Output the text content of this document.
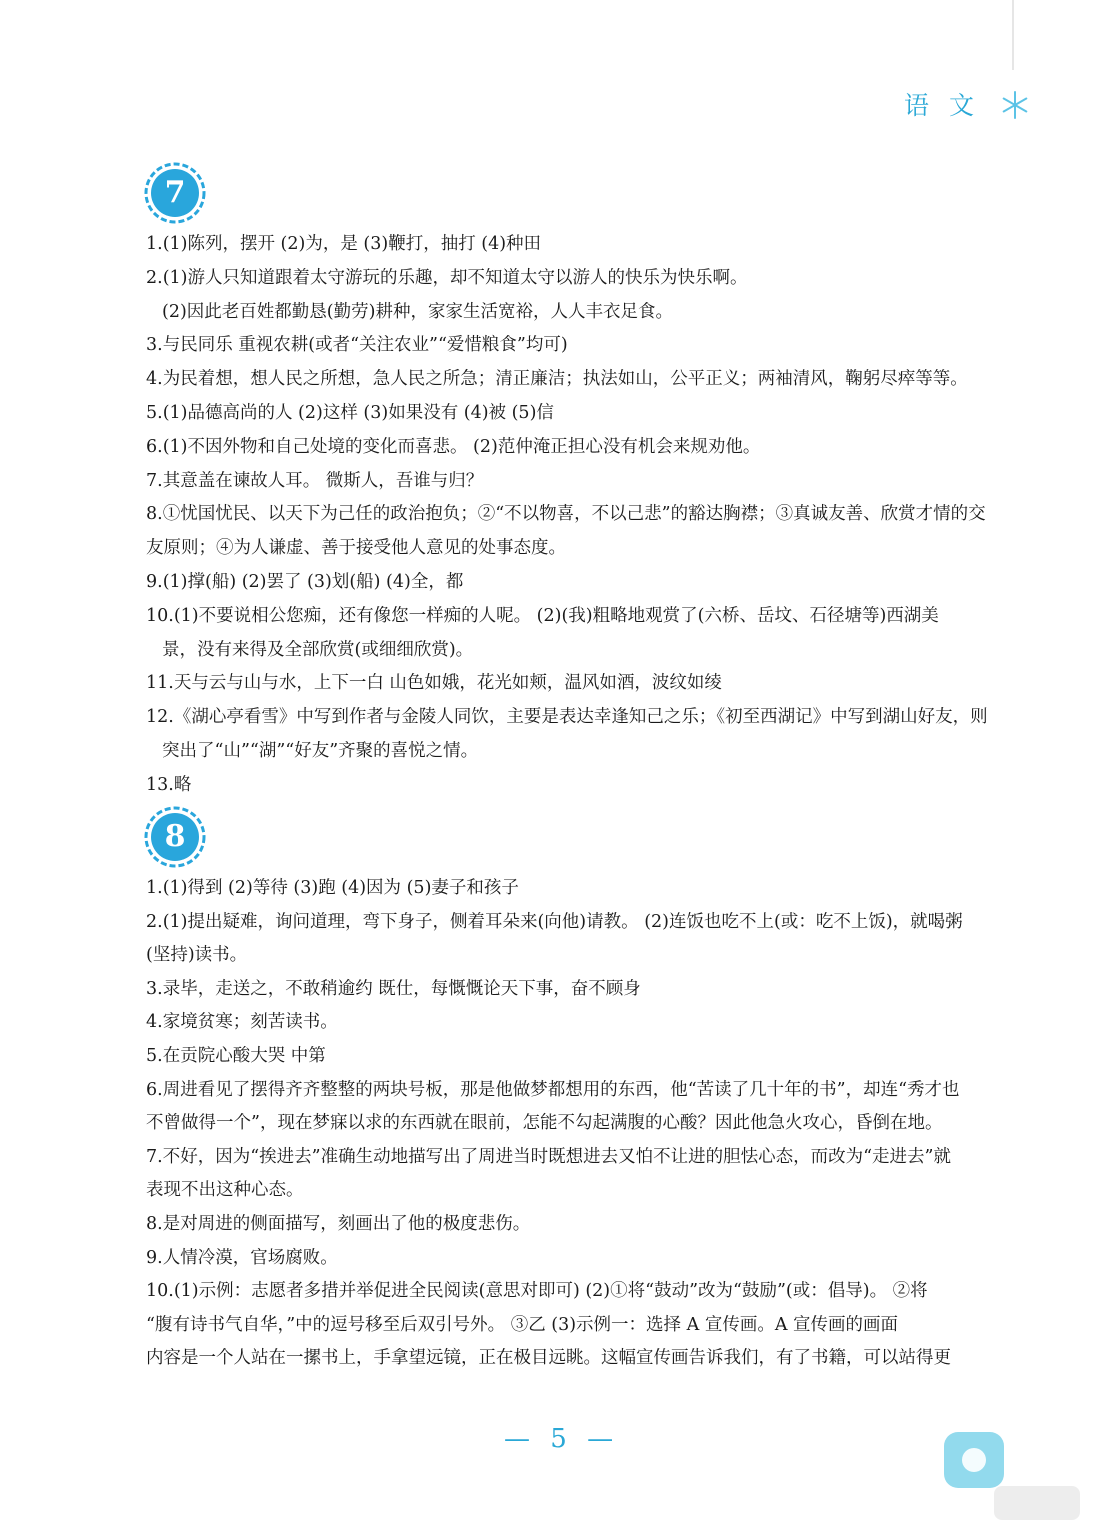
语 文
7
1.(1)陈列，摆开 (2)为，是 (3)鞭打，抽打 (4)种田
2.(1)游人只知道跟着太守游玩的乐趣，却不知道太守以游人的快乐为快乐啊。
(2)因此老百姓都勤恳(勤劳)耕种，家家生活宽裕，人人丰衣足食。
3.与民同乐 重视农耕(或者“关注农业”“爱惜粮食”均可)
4.为民着想，想人民之所想，急人民之所急；清正廉洁；执法如山，公平正义；两袖清风，鞠躬尽瘁等等。
5.(1)品德高尚的人 (2)这样 (3)如果没有 (4)被 (5)信
6.(1)不因外物和自己处境的变化而喜悲。 (2)范仲淹正担心没有机会来规劝他。
7.其意盖在谏故人耳。 微斯人，吾谁与归？
8.①忧国忧民、以天下为己任的政治抱负；②“不以物喜，不以己悲”的豁达胸襟；③真诚友善、欣赏才情的交
友原则；④为人谦虚、善于接受他人意见的处事态度。
9.(1)撑(船) (2)罢了 (3)划(船) (4)全，都
10.(1)不要说相公您痴，还有像您一样痴的人呢。 (2)(我)粗略地观赏了(六桥、岳坟、石径塘等)西湖美
景，没有来得及全部欣赏(或细细欣赏)。
11.天与云与山与水，上下一白 山色如娥，花光如颊，温风如酒，波纹如绫
12.《湖心亭看雪》中写到作者与金陵人同饮，主要是表达幸逢知己之乐；《初至西湖记》中写到湖山好友，则
突出了“山”“湖”“好友”齐聚的喜悦之情。
13.略
8
1.(1)得到 (2)等待 (3)跑 (4)因为 (5)妻子和孩子
2.(1)提出疑难，询问道理，弯下身子，侧着耳朵来(向他)请教。 (2)连饭也吃不上(或：吃不上饭)，就喝粥
(坚持)读书。
3.录毕，走送之，不敢稍逾约 既仕，每慨慨论天下事，奋不顾身
4.家境贫寒；刻苦读书。
5.在贡院心酸大哭 中第
6.周进看见了摆得齐齐整整的两块号板，那是他做梦都想用的东西，他“苦读了几十年的书”，却连“秀才也
不曾做得一个”，现在梦寐以求的东西就在眼前，怎能不勾起满腹的心酸？因此他急火攻心，昏倒在地。
7.不好，因为“挨进去”准确生动地描写出了周进当时既想进去又怕不让进的胆怯心态，而改为“走进去”就
表现不出这种心态。
8.是对周进的侧面描写，刻画出了他的极度悲伤。
9.人情冷漠，官场腐败。
10.(1)示例：志愿者多措并举促进全民阅读(意思对即可) (2)①将“鼓动”改为“鼓励”(或：倡导)。 ②将
“腹有诗书气自华，”中的逗号移至后双引号外。 ③乙 (3)示例一：选择 A 宣传画。A 宣传画的画面
内容是一个人站在一摞书上，手拿望远镜，正在极目远眺。这幅宣传画告诉我们，有了书籍，可以站得更
— 5 —
